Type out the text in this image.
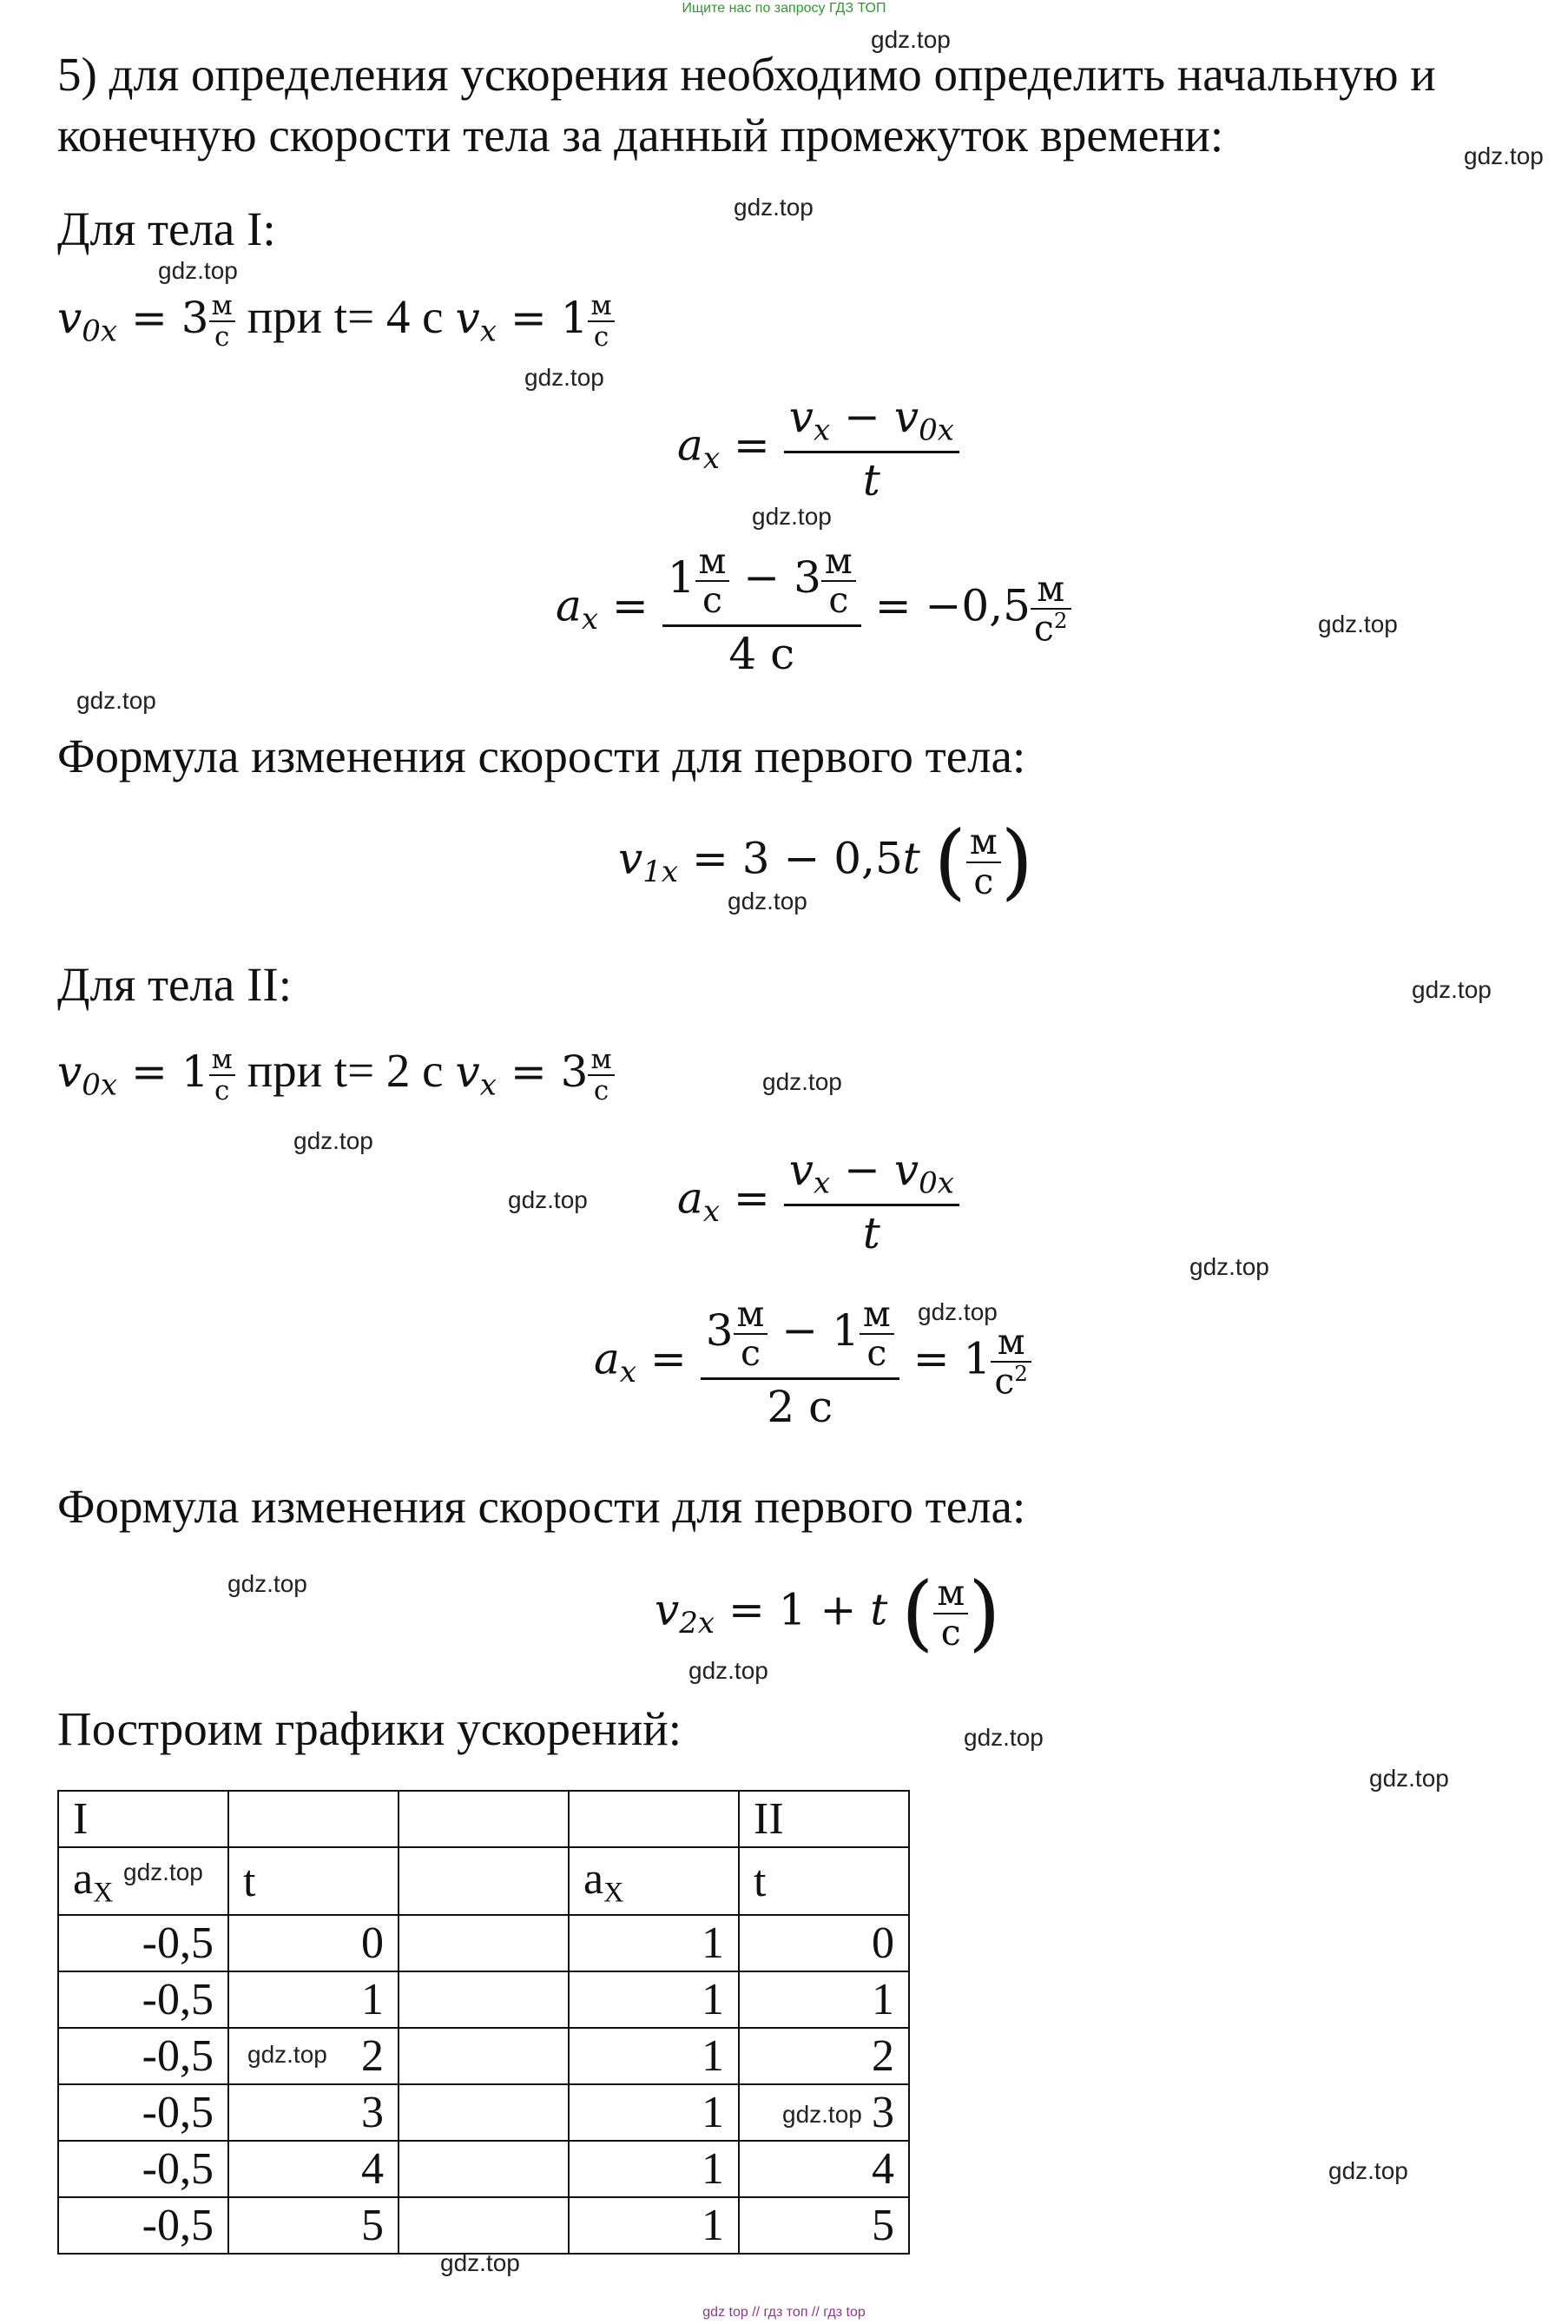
Ищите нас по запросу ГДЗ ТОП
5) для определения ускорения необходимо определить начальную и
конечную скорости тела за данный промежуток времени:
Для тела I:
$v_{0x} = 3$ м
с при t= 4 с $v_x = 1$ м
с
$a_x = \frac{v_x - v_{0x}}{t}$
$a_x = 1$ м
с − 3 м
с
4 с = −0,5 м
$с^2$
Формула изменения скорости для первого тела:
$v_{1x} = 3 - 0,5t$ ( м
с )
Для тела II:
$v_{0x} = 1$ м
с при t= 2 с $v_x = 3$ м
с
$a_x = \frac{v_x - v_{0x}}{t}$
$a_x = 3$ м
с − 1 м
с
2 с = 1 м
$с^2$
Формула изменения скорости для первого тела:
$v_{2x} = 1 + t$ ( м
с )
Построим графики ускорений:
I				II
aX	t		aX	t
-0,5	0		1	0
-0,5	1		1	1
-0,5	2		1	2
-0,5	3		1	3
-0,5	4		1	4
-0,5	5		1	5
gdz.top
gdz.top
gdz.top
gdz.top
gdz.top
gdz.top
gdz.top
gdz.top
gdz.top
gdz.top
gdz.top
gdz.top
gdz.top
gdz.top
gdz.top
gdz.top
gdz.top
gdz.top
gdz.top
gdz.top
gdz.top
gdz.top
gdz.top
gdz.top
gdz top // гдз топ // гдз top
